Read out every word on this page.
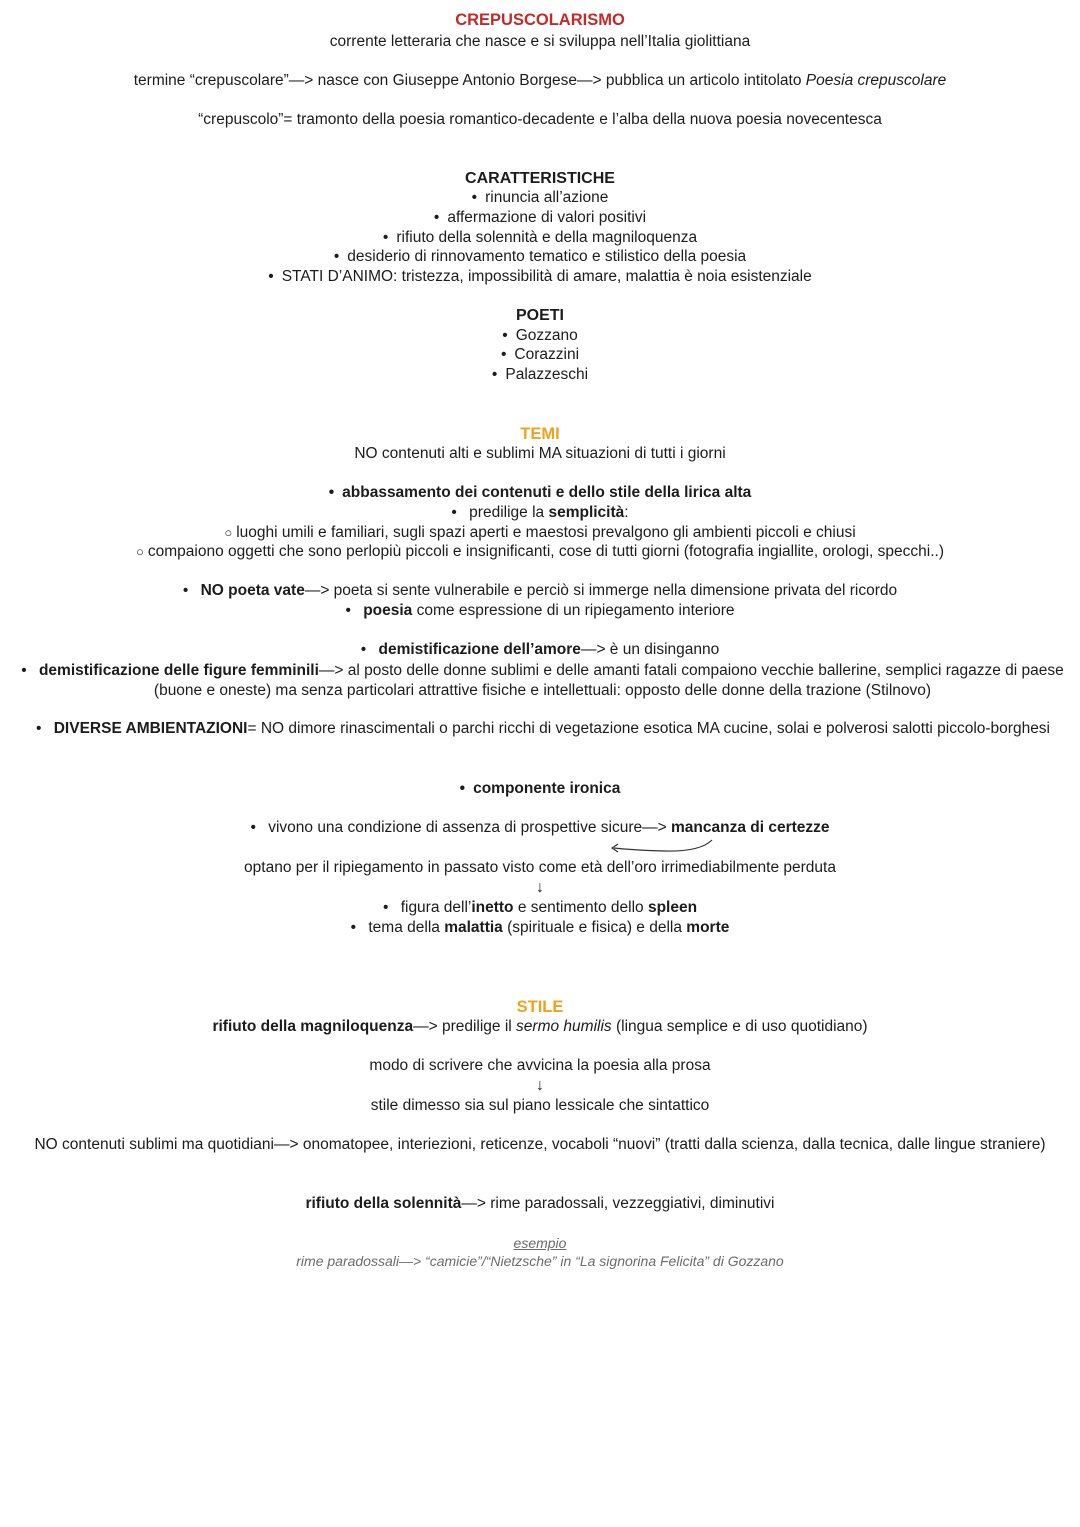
CREPUSCOLARISMO
corrente letteraria che nasce e si sviluppa nell’Italia giolittiana
termine “crepuscolare”—> nasce con Giuseppe Antonio Borgese—> pubblica un articolo intitolato Poesia crepuscolare
“crepuscolo”= tramonto della poesia romantico-decadente e l’alba della nuova poesia novecentesca
CARATTERISTICHE
• rinuncia all’azione
• affermazione di valori positivi
• rifiuto della solennità e della magniloquenza
• desiderio di rinnovamento tematico e stilistico della poesia
• STATI D’ANIMO: tristezza, impossibilità di amare, malattia è noia esistenziale
POETI
• Gozzano
• Corazzini
• Palazzeschi
TEMI
NO contenuti alti e sublimi MA situazioni di tutti i giorni
• abbassamento dei contenuti e dello stile della lirica alta
• predilige la semplicità:
○ luoghi umili e familiari, sugli spazi aperti e maestosi prevalgono gli ambienti piccoli e chiusi
○ compaiono oggetti che sono perlopiù piccoli e insignificanti, cose di tutti giorni (fotografia ingiallite, orologi, specchi..)
• NO poeta vate—> poeta si sente vulnerabile e perciò si immerge nella dimensione privata del ricordo
• poesia come espressione di un ripiegamento interiore
• demistificazione dell’amore—> è un disinganno
• demistificazione delle figure femminili—> al posto delle donne sublimi e delle amanti fatali compaiono vecchie ballerine, semplici ragazze di paese (buone e oneste) ma senza particolari attrattive fisiche e intellettuali: opposto delle donne della trazione (Stilnovo)
• DIVERSE AMBIENTAZIONI= NO dimore rinascimentali o parchi ricchi di vegetazione esotica MA cucine, solai e polverosi salotti piccolo-borghesi
• componente ironica
• vivono una condizione di assenza di prospettive sicure—> mancanza di certezze
optano per il ripiegamento in passato visto come età dell’oro irrimediabilmente perduta
↓
• figura dell’inetto e sentimento dello spleen
• tema della malattia (spirituale e fisica) e della morte
STILE
rifiuto della magniloquenza—> predilige il sermo humilis (lingua semplice e di uso quotidiano)
modo di scrivere che avvicina la poesia alla prosa
↓
stile dimesso sia sul piano lessicale che sintattico
NO contenuti sublimi ma quotidiani—> onomatopee, interiezioni, reticenze, vocaboli “nuovi” (tratti dalla scienza, dalla tecnica, dalle lingue straniere)
rifiuto della solennità—> rime paradossali, vezzeggiativi, diminutivi
esempio
rime paradossali—> “camicie”/“Nietzsche” in “La signorina Felicita” di Gozzano
